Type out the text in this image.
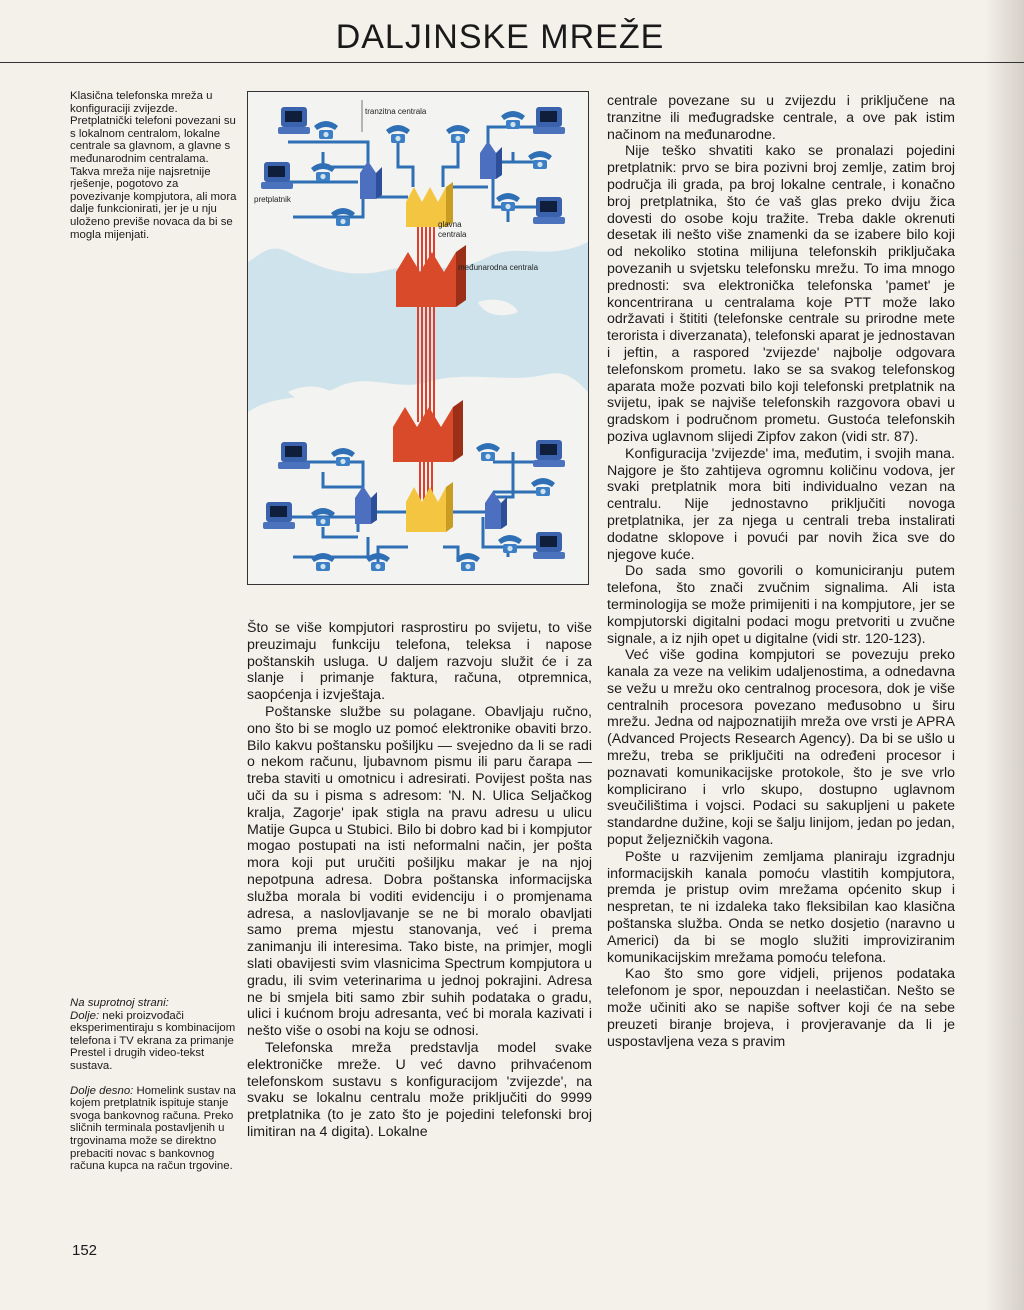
DALJINSKE MREŽE

Klasična telefonska mreža u konfiguraciji zvijezde. Pretplatnički telefoni povezani su s lokalnom centralom, lokalne centrale sa glavnom, a glavne s međunarodnim centralama. Takva mreža nije najsretnije rješenje, pogotovo za povezivanje kompjutora, ali mora dalje funkcionirati, jer je u nju uloženo previše novaca da bi se mogla mijenjati.

Na suprotnoj strani:

Dolje: neki proizvođači eksperimentiraju s kombinacijom telefona i TV ekrana za primanje Prestel i drugih video-tekst sustava.

Dolje desno: Homelink sustav na kojem pretplatnik ispituje stanje svoga bankovnog računa. Preko sličnih terminala postavljenih u trgovinama može se direktno prebaciti novac s bankovnog računa kupca na račun trgovine.

tranzitna centrala
pretplatnik
glavna
centrala
međunarodna centrala

Što se više kompjutori rasprostiru po svijetu, to više preuzimaju funkciju telefona, teleksa i napose poštanskih usluga. U daljem razvoju služit će i za slanje i primanje faktura, računa, otpremnica, saopćenja i izvještaja.

Poštanske službe su polagane. Obavljaju ručno, ono što bi se moglo uz pomoć elektronike obaviti brzo. Bilo kakvu poštansku pošiljku — svejedno da li se radi o nekom računu, ljubavnom pismu ili paru čarapa — treba staviti u omotnicu i adresirati. Povijest pošta nas uči da su i pisma s adresom: 'N. N. Ulica Seljačkog kralja, Zagorje' ipak stigla na pravu adresu u ulicu Matije Gupca u Stubici. Bilo bi dobro kad bi i kompjutor mogao postupati na isti neformalni način, jer pošta mora koji put uručiti pošiljku makar je na njoj nepotpuna adresa. Dobra poštanska informacijska služba morala bi voditi evidenciju i o promjenama adresa, a naslovljavanje se ne bi moralo obavljati samo prema mjestu stanovanja, već i prema zanimanju ili interesima. Tako biste, na primjer, mogli slati obavijesti svim vlasnicima Spectrum kompjutora u gradu, ili svim veterinarima u jednoj pokrajini. Adresa ne bi smjela biti samo zbir suhih podataka o gradu, ulici i kućnom broju adresanta, već bi morala kazivati i nešto više o osobi na koju se odnosi.

Telefonska mreža predstavlja model svake elektroničke mreže. U već davno prihvaćenom telefonskom sustavu s konfiguracijom 'zvijezde', na svaku se lokalnu centralu može priključiti do 9999 pretplatnika (to je zato što je pojedini telefonski broj limitiran na 4 digita). Lokalne

centrale povezane su u zvijezdu i priključene na tranzitne ili međugradske centrale, a ove pak istim načinom na međunarodne.

Nije teško shvatiti kako se pronalazi pojedini pretplatnik: prvo se bira pozivni broj zemlje, zatim broj područja ili grada, pa broj lokalne centrale, i konačno broj pretplatnika, što će vaš glas preko dviju žica dovesti do osobe koju tražite. Treba dakle okrenuti desetak ili nešto više znamenki da se izabere bilo koji od nekoliko stotina milijuna telefonskih priključaka povezanih u svjetsku telefonsku mrežu. To ima mnogo prednosti: sva elektronička telefonska 'pamet' je koncentrirana u centralama koje PTT može lako održavati i štititi (telefonske centrale su prirodne mete terorista i diverzanata), telefonski aparat je jednostavan i jeftin, a raspored 'zvijezde' najbolje odgovara telefonskom prometu. Iako se sa svakog telefonskog aparata može pozvati bilo koji telefonski pretplatnik na svijetu, ipak se najviše telefonskih razgovora obavi u gradskom i područnom prometu. Gustoća telefonskih poziva uglavnom slijedi Zipfov zakon (vidi str. 87).

Konfiguracija 'zvijezde' ima, međutim, i svojih mana. Najgore je što zahtijeva ogromnu količinu vodova, jer svaki pretplatnik mora biti individualno vezan na centralu. Nije jednostavno priključiti novoga pretplatnika, jer za njega u centrali treba instalirati dodatne sklopove i povući par novih žica sve do njegove kuće.

Do sada smo govorili o komuniciranju putem telefona, što znači zvučnim signalima. Ali ista terminologija se može primijeniti i na kompjutore, jer se kompjutorski digitalni podaci mogu pretvoriti u zvučne signale, a iz njih opet u digitalne (vidi str. 120-123).

Već više godina kompjutori se povezuju preko kanala za veze na velikim udaljenostima, a odnedavna se vežu u mrežu oko centralnog procesora, dok je više centralnih procesora povezano međusobno u širu mrežu. Jedna od najpoznatijih mreža ove vrsti je APRA (Advanced Projects Research Agency). Da bi se ušlo u mrežu, treba se priključiti na određeni procesor i poznavati komunikacijske protokole, što je sve vrlo komplicirano i vrlo skupo, dostupno uglavnom sveučilištima i vojsci. Podaci su sakupljeni u pakete standardne dužine, koji se šalju linijom, jedan po jedan, poput željezničkih vagona.

Pošte u razvijenim zemljama planiraju izgradnju informacijskih kanala pomoću vlastitih kompjutora, premda je pristup ovim mrežama općenito skup i nespretan, te ni izdaleka tako fleksibilan kao klasična poštanska služba. Onda se netko dosjetio (naravno u Americi) da bi se moglo služiti improviziranim komunikacijskim mrežama pomoću telefona.

Kao što smo gore vidjeli, prijenos podataka telefonom je spor, nepouzdan i neelastičan. Nešto se može učiniti ako se napiše softver koji će na sebe preuzeti biranje brojeva, i provjeravanje da li je uspostavljena veza s pravim

152
